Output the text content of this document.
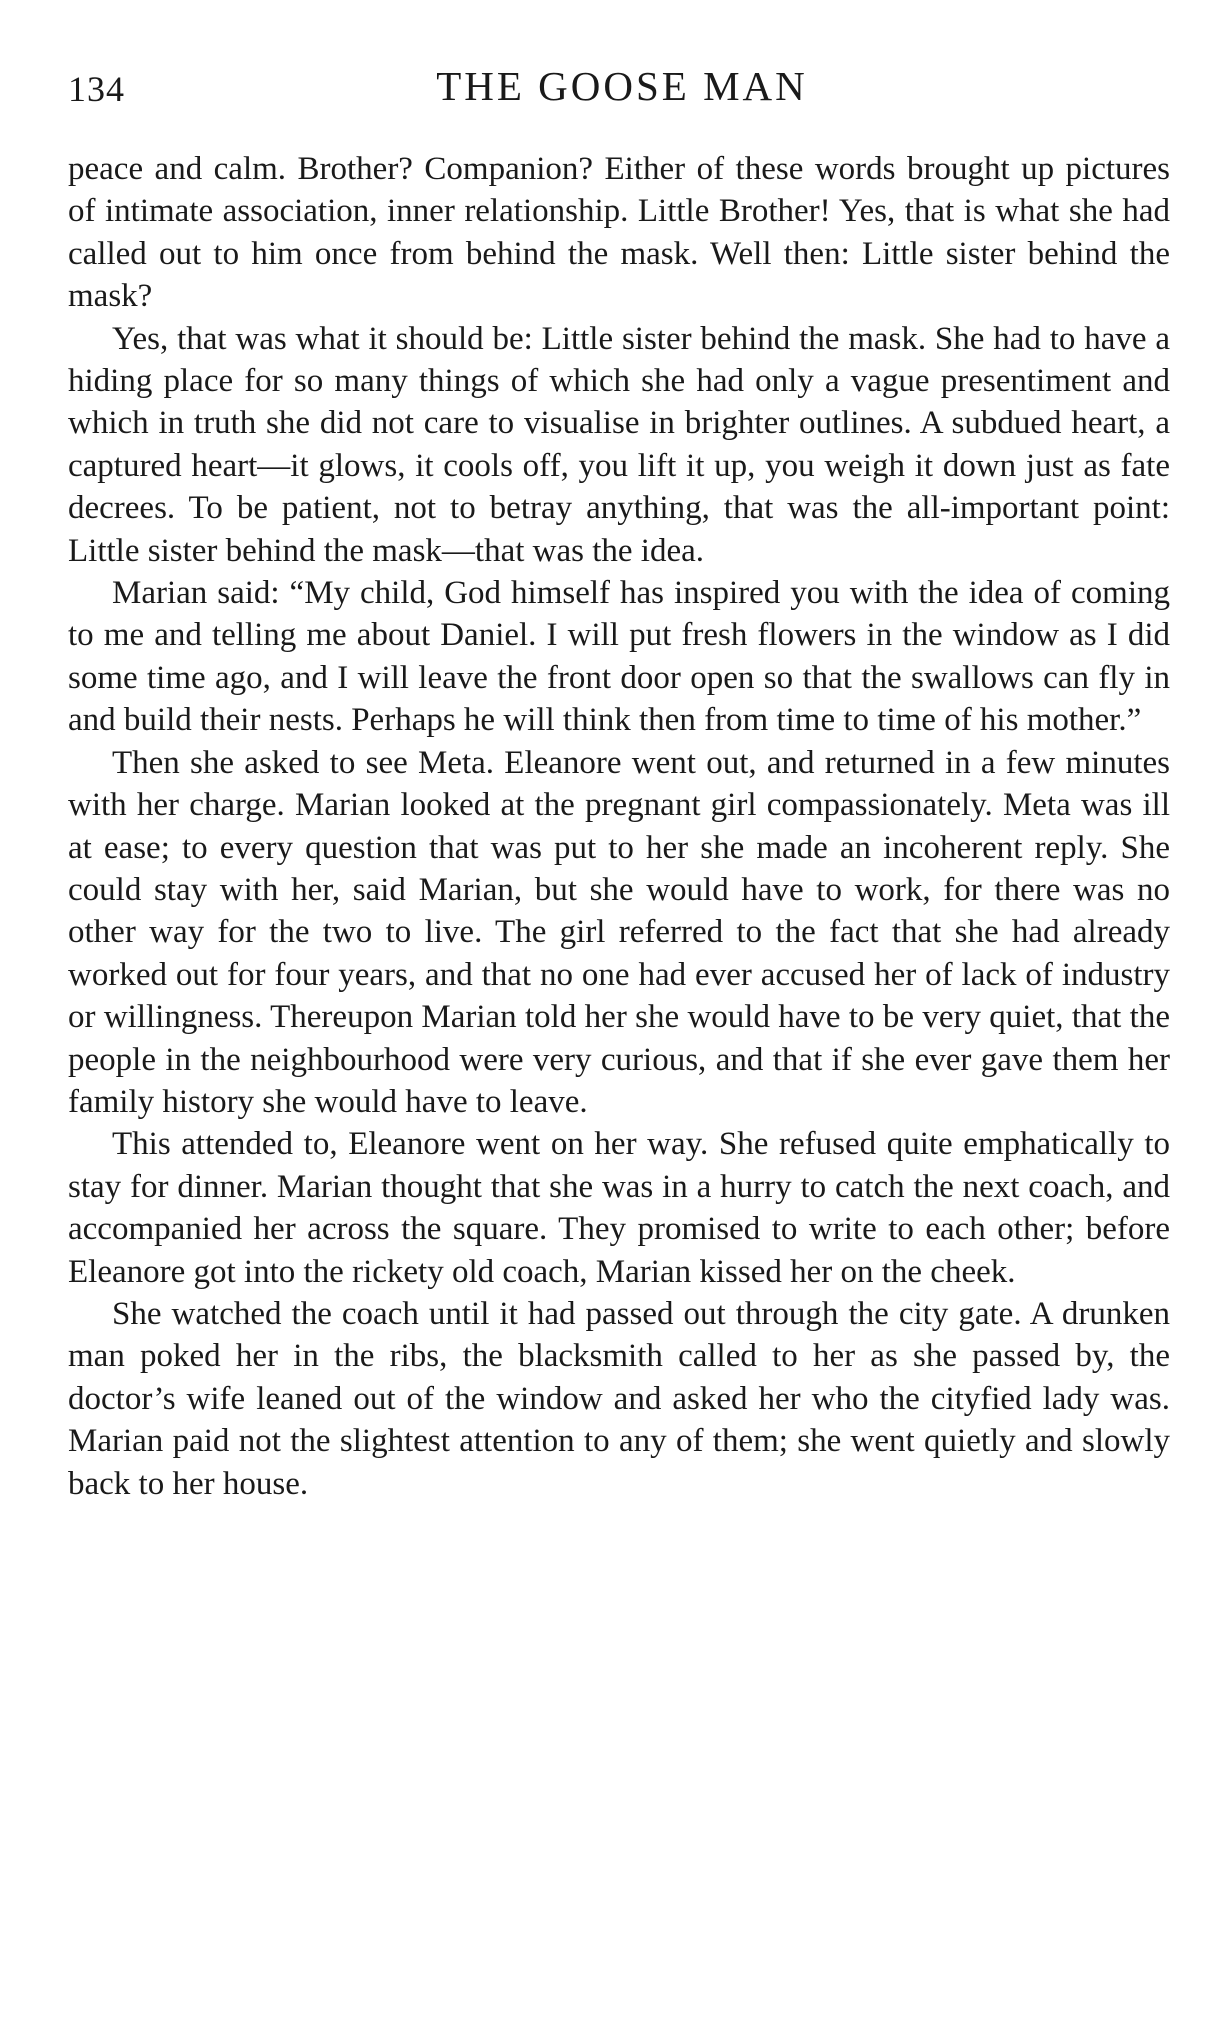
134	THE GOOSE MAN

peace and calm. Brother? Companion? Either of these words brought up pictures of intimate association, inner relationship. Little Brother! Yes, that is what she had called out to him once from behind the mask. Well then: Little sister behind the mask?

Yes, that was what it should be: Little sister behind the mask. She had to have a hiding place for so many things of which she had only a vague presentiment and which in truth she did not care to visualise in brighter outlines. A subdued heart, a captured heart—it glows, it cools off, you lift it up, you weigh it down just as fate decrees. To be patient, not to betray anything, that was the all-important point: Little sister behind the mask—that was the idea.

Marian said: “My child, God himself has inspired you with the idea of coming to me and telling me about Daniel. I will put fresh flowers in the window as I did some time ago, and I will leave the front door open so that the swallows can fly in and build their nests. Perhaps he will think then from time to time of his mother.”

Then she asked to see Meta. Eleanore went out, and returned in a few minutes with her charge. Marian looked at the pregnant girl compassionately. Meta was ill at ease; to every question that was put to her she made an incoherent reply. She could stay with her, said Marian, but she would have to work, for there was no other way for the two to live. The girl referred to the fact that she had already worked out for four years, and that no one had ever accused her of lack of industry or willingness. Thereupon Marian told her she would have to be very quiet, that the people in the neighbourhood were very curious, and that if she ever gave them her family history she would have to leave.

This attended to, Eleanore went on her way. She refused quite emphatically to stay for dinner. Marian thought that she was in a hurry to catch the next coach, and accompanied her across the square. They promised to write to each other; before Eleanore got into the rickety old coach, Marian kissed her on the cheek.

She watched the coach until it had passed out through the city gate. A drunken man poked her in the ribs, the blacksmith called to her as she passed by, the doctor’s wife leaned out of the window and asked her who the cityfied lady was. Marian paid not the slightest attention to any of them; she went quietly and slowly back to her house.
